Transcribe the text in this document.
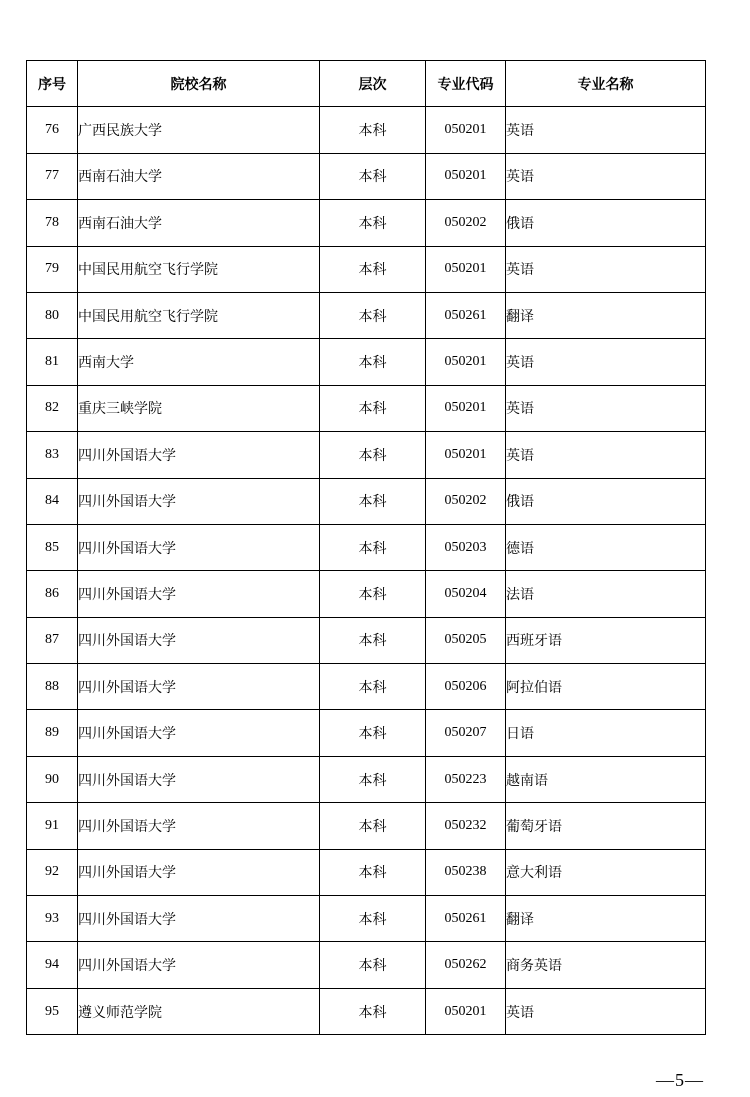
序号	院校名称	层次	专业代码	专业名称
76	广西民族大学	本科	050201	英语
77	西南石油大学	本科	050201	英语
78	西南石油大学	本科	050202	俄语
79	中国民用航空飞行学院	本科	050201	英语
80	中国民用航空飞行学院	本科	050261	翻译
81	西南大学	本科	050201	英语
82	重庆三峡学院	本科	050201	英语
83	四川外国语大学	本科	050201	英语
84	四川外国语大学	本科	050202	俄语
85	四川外国语大学	本科	050203	德语
86	四川外国语大学	本科	050204	法语
87	四川外国语大学	本科	050205	西班牙语
88	四川外国语大学	本科	050206	阿拉伯语
89	四川外国语大学	本科	050207	日语
90	四川外国语大学	本科	050223	越南语
91	四川外国语大学	本科	050232	葡萄牙语
92	四川外国语大学	本科	050238	意大利语
93	四川外国语大学	本科	050261	翻译
94	四川外国语大学	本科	050262	商务英语
95	遵义师范学院	本科	050201	英语
—5—
